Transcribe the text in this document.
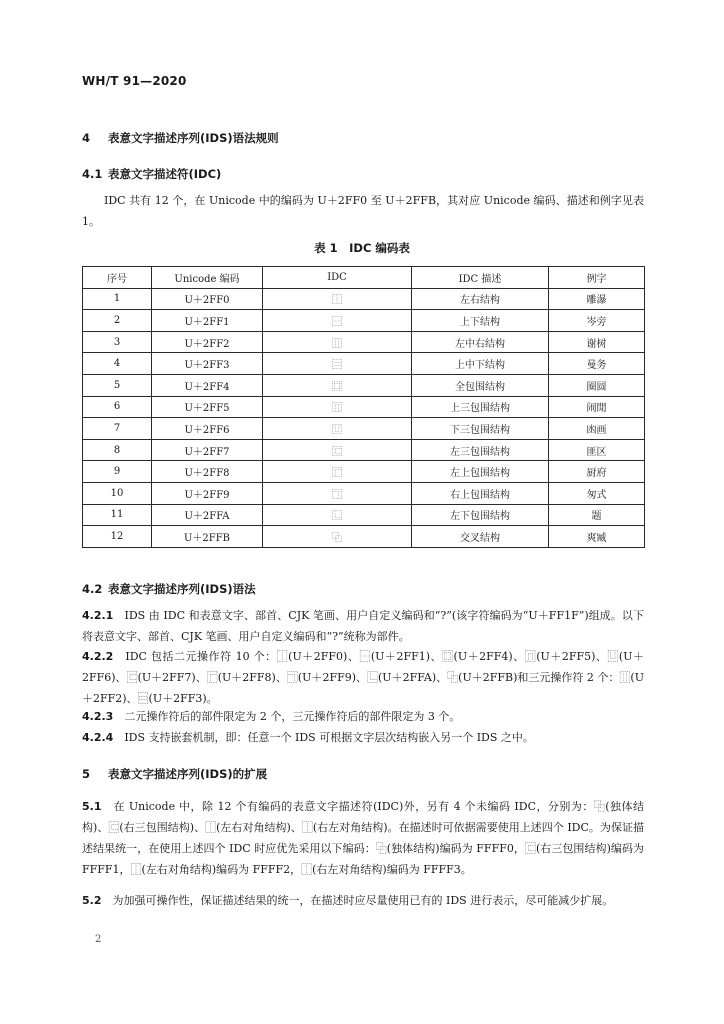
WH/T 91—2020
4 表意文字描述序列(IDS)语法规则
4.1 表意文字描述符(IDC)
IDC 共有 12 个，在 Unicode 中的编码为 U＋2FF0 至 U＋2FFB，其对应 Unicode 编码、描述和例字见表 1。
表 1　IDC 编码表
序号	Unicode 编码	IDC	IDC 描述	例字
1	U＋2FF0	⿰	左右结构	雕瀑
2	U＋2FF1	⿱	上下结构	岑旁
3	U＋2FF2	⿲	左中右结构	谢树
4	U＋2FF3	⿳	上中下结构	曼务
5	U＋2FF4	⿴	全包围结构	圈圆
6	U＋2FF5	⿵	上三包围结构	闹閒
7	U＋2FF6	⿶	下三包围结构	凼画
8	U＋2FF7	⿷	左三包围结构	匪区
9	U＋2FF8	⿸	左上包围结构	厨府
10	U＋2FF9	⿹	右上包围结构	匆式
11	U＋2FFA	⿺	左下包围结构	题
12	U＋2FFB	⿻	交叉结构	爽臧
4.2 表意文字描述序列(IDS)语法
4.2.1　 IDS 由 IDC 和表意文字、部首、CJK 笔画、用户自定义编码和“?”(该字符编码为“U＋FF1F”)组成。以下将表意文字、部首、CJK 笔画、用户自定义编码和“?”统称为部件。
4.2.2　 IDC 包括二元操作符 10 个：⿰(U＋2FF0)、⿱(U＋2FF1)、⿴(U＋2FF4)、⿵(U＋2FF5)、⿶(U＋2FF6)、⿷(U＋2FF7)、⿸(U＋2FF8)、⿹(U＋2FF9)、⿺(U＋2FFA)、⿻(U＋2FFB)和三元操作符 2 个：⿲(U＋2FF2)、⿳(U＋2FF3)。
4.2.3　 二元操作符后的部件限定为 2 个，三元操作符后的部件限定为 3 个。
4.2.4　 IDS 支持嵌套机制，即：任意一个 IDS 可根据文字层次结构嵌入另一个 IDS 之中。
5 表意文字描述序列(IDS)的扩展
5.1　 在 Unicode 中，除 12 个有编码的表意文字描述符(IDC)外，另有 4 个未编码 IDC，分别为：⿻(独体结构)、⿷(右三包围结构)、⿰(左右对角结构)、⿰(右左对角结构)。在描述时可依据需要使用上述四个 IDC。为保证描述结果统一，在使用上述四个 IDC 时应优先采用以下编码：⿻(独体结构)编码为 FFFF0，⿷(右三包围结构)编码为 FFFF1，⿰(左右对角结构)编码为 FFFF2，⿰(右左对角结构)编码为 FFFF3。
5.2　 为加强可操作性，保证描述结果的统一，在描述时应尽量使用已有的 IDS 进行表示，尽可能减少扩展。
2
